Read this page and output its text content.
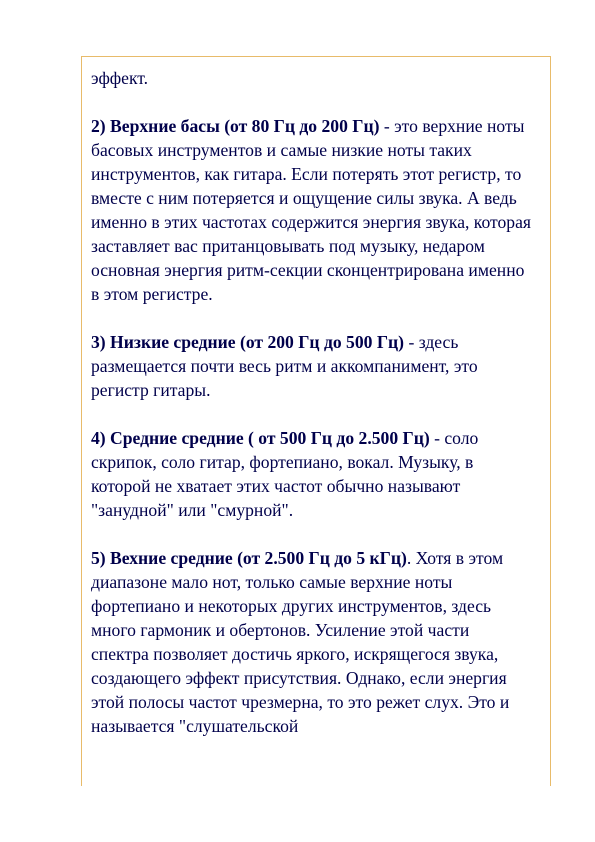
эффект.

2) Верхние басы (от 80 Гц до 200 Гц) - это верхние ноты басовых инструментов и самые низкие ноты таких инструментов, как гитара. Если потерять этот регистр, то вместе с ним потеряется и ощущение силы звука. А ведь именно в этих частотах содержится энергия звука, которая заставляет вас пританцовывать под музыку, недаром основная энергия ритм-секции сконцентрирована именно в этом регистре.

3) Низкие средние (от 200 Гц до 500 Гц) - здесь размещается почти весь ритм и аккомпанимент, это регистр гитары.

4) Средние средние ( от 500 Гц до 2.500 Гц) - соло скрипок, соло гитар, фортепиано, вокал. Музыку, в которой не хватает этих частот обычно называют "занудной" или "смурной".

5) Вехние средние (от 2.500 Гц до 5 кГц). Хотя в этом диапазоне мало нот, только самые верхние ноты фортепиано и некоторых других инструментов, здесь много гармоник и обертонов. Усиление этой части спектра позволяет достичь яркого, искрящегося звука, создающего эффект присутствия. Однако, если энергия этой полосы частот чрезмерна, то это режет слух. Это и называется "слушательской
